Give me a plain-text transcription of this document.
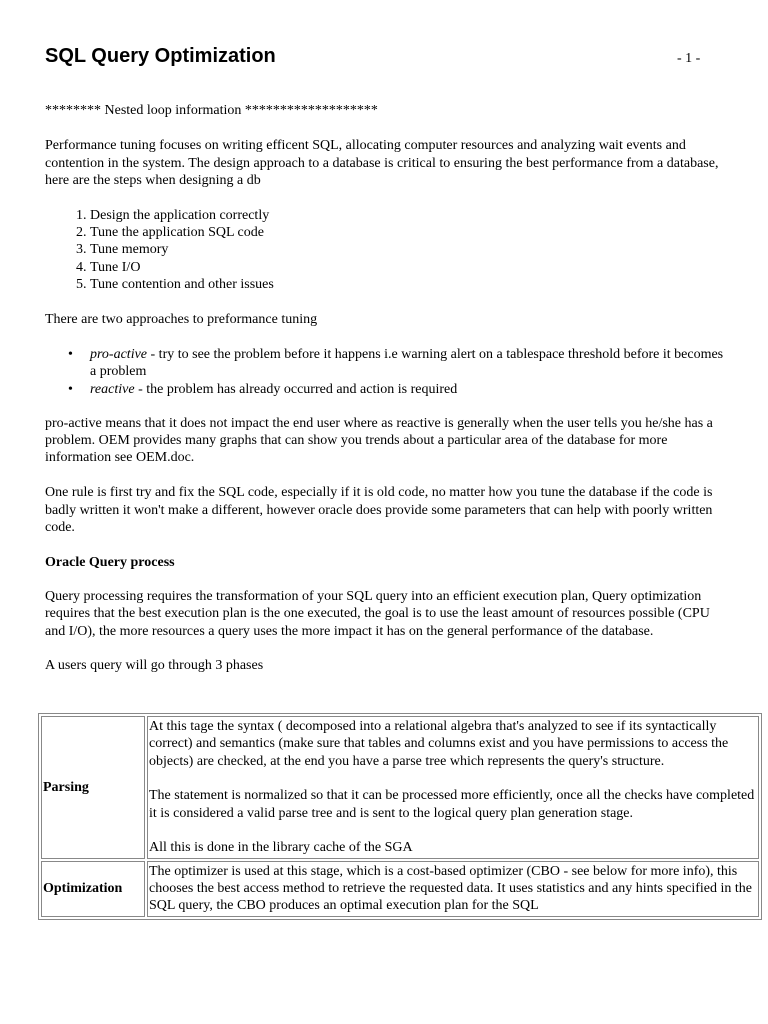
SQL Query Optimization	- 1 -

******** Nested loop information *******************

Performance tuning focuses on writing efficent SQL, allocating computer resources and analyzing wait events and contention in the system. The design approach to a database is critical to ensuring the best performance from a database, here are the steps when designing a db

1. Design the application correctly
2. Tune the application SQL code
3. Tune memory
4. Tune I/O
5. Tune contention and other issues

There are two approaches to preformance tuning

• pro-active - try to see the problem before it happens i.e warning alert on a tablespace threshold before it becomes a problem
• reactive - the problem has already occurred and action is required

pro-active means that it does not impact the end user where as reactive is generally when the user tells you he/she has a problem. OEM provides many graphs that can show you trends about a particular area of the database for more information see OEM.doc.

One rule is first try and fix the SQL code, especially if it is old code, no matter how you tune the database if the code is badly written it won't make a different, however oracle does provide some parameters that can help with poorly written code.

Oracle Query process

Query processing requires the transformation of your SQL query into an efficient execution plan, Query optimization requires that the best execution plan is the one executed, the goal is to use the least amount of resources possible (CPU and I/O), the more resources a query uses the more impact it has on the general performance of the database.

A users query will go through 3 phases

Parsing	At this tage the syntax ( decomposed into a relational algebra that's analyzed to see if its syntactically correct) and semantics (make sure that tables and columns exist and you have permissions to access the objects) are checked, at the end you have a parse tree which represents the query's structure.

The statement is normalized so that it can be processed more efficiently, once all the checks have completed it is considered a valid parse tree and is sent to the logical query plan generation stage.

All this is done in the library cache of the SGA

Optimization	The optimizer is used at this stage, which is a cost-based optimizer (CBO - see below for more info), this chooses the best access method to retrieve the requested data. It uses statistics and any hints specified in the SQL query, the CBO produces an optimal execution plan for the SQL
